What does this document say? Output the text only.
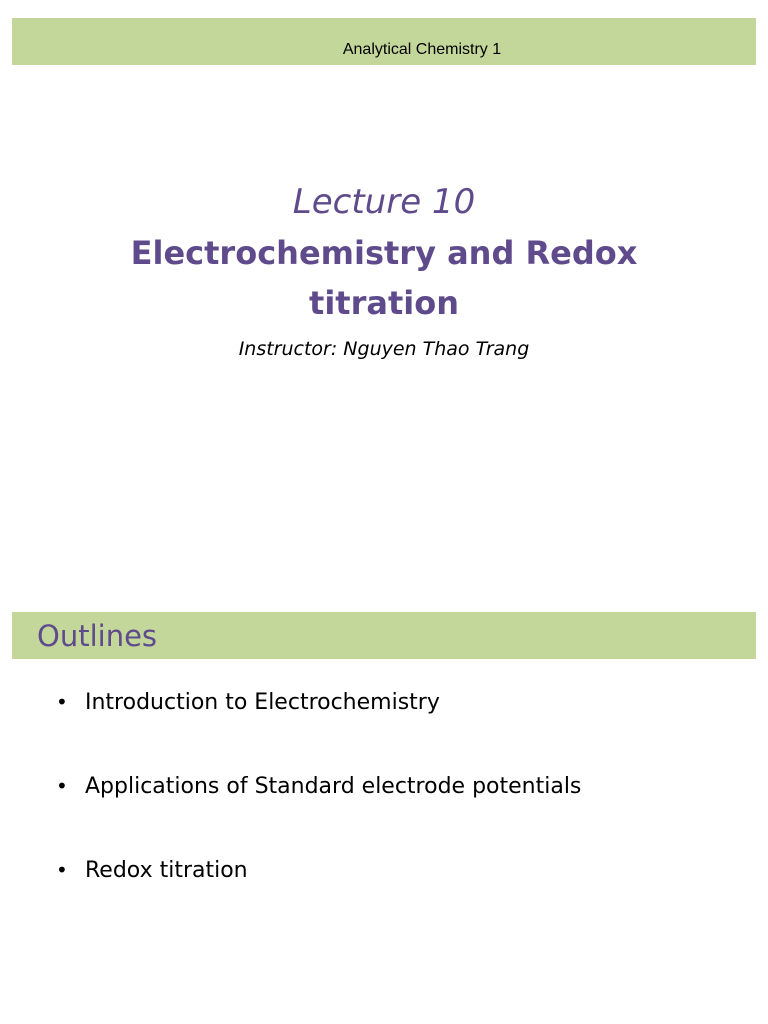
Analytical Chemistry 1

Lecture 10

Electrochemistry and Redox
titration

Instructor: Nguyen Thao Trang
Outlines
• Introduction to Electrochemistry
• Applications of Standard electrode potentials
• Redox titration
